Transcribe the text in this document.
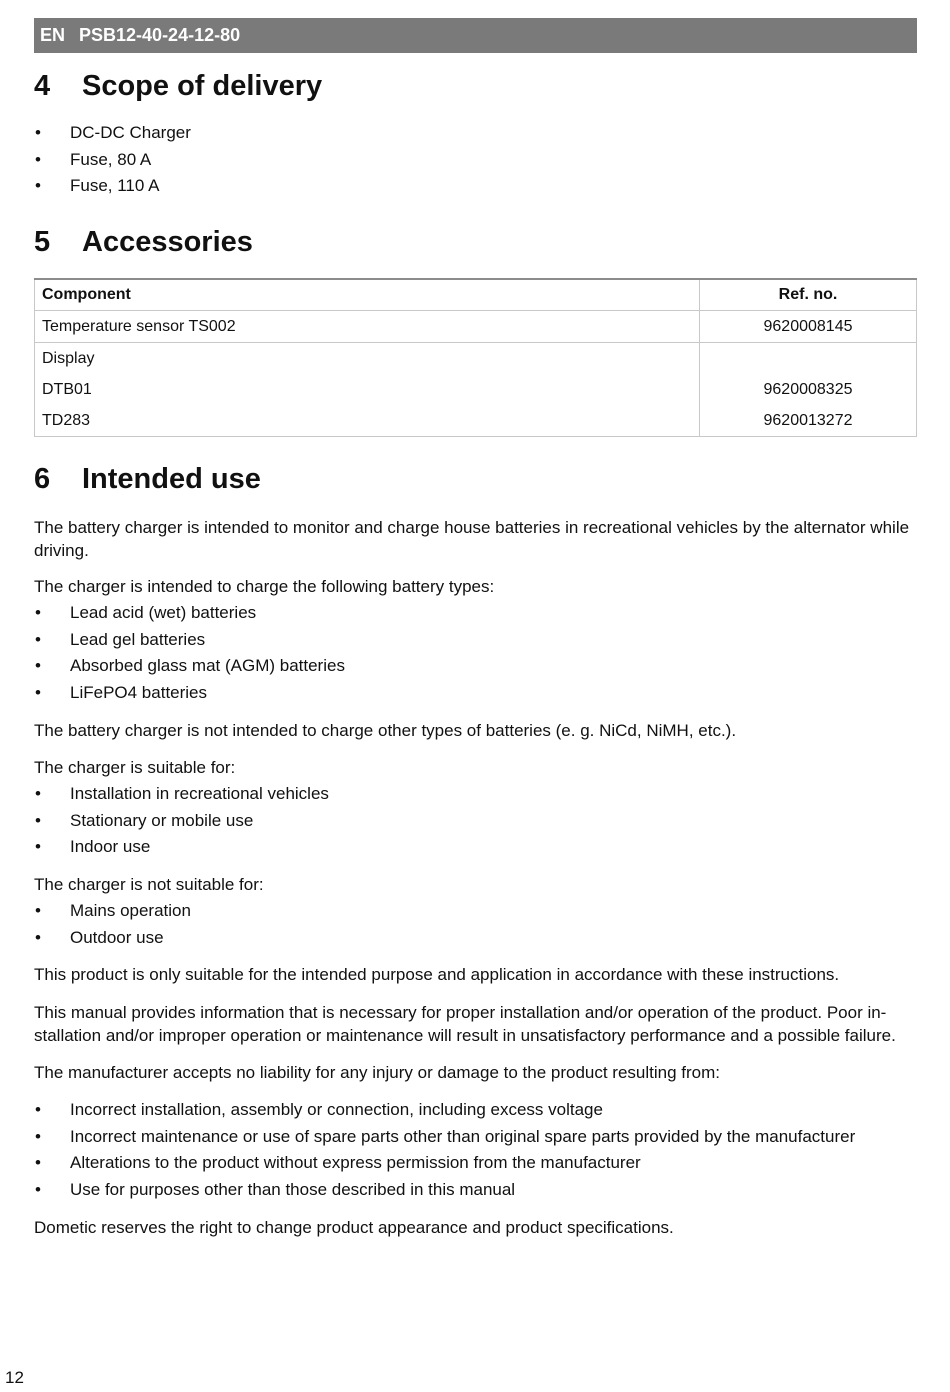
EN PSB12-40-24-12-80
4	Scope of delivery
• DC-DC Charger
• Fuse, 80 A
• Fuse, 110 A
5	Accessories
Component	Ref. no.
Temperature sensor TS002	9620008145
Display	
DTB01	9620008325
TD283	9620013272
6	Intended use

The battery charger is intended to monitor and charge house batteries in recreational vehicles by the alternator while driving.

The charger is intended to charge the following battery types:

• Lead acid (wet) batteries
• Lead gel batteries
• Absorbed glass mat (AGM) batteries
• LiFePO4 batteries

The battery charger is not intended to charge other types of batteries (e. g. NiCd, NiMH, etc.).

The charger is suitable for:

• Installation in recreational vehicles
• Stationary or mobile use
• Indoor use

The charger is not suitable for:

• Mains operation
• Outdoor use

This product is only suitable for the intended purpose and application in accordance with these instructions.

This manual provides information that is necessary for proper installation and/or operation of the product. Poor in-stallation and/or improper operation or maintenance will result in unsatisfactory performance and a possible failure.

The manufacturer accepts no liability for any injury or damage to the product resulting from:

• Incorrect installation, assembly or connection, including excess voltage
• Incorrect maintenance or use of spare parts other than original spare parts provided by the manufacturer
• Alterations to the product without express permission from the manufacturer
• Use for purposes other than those described in this manual

Dometic reserves the right to change product appearance and product specifications.

12
